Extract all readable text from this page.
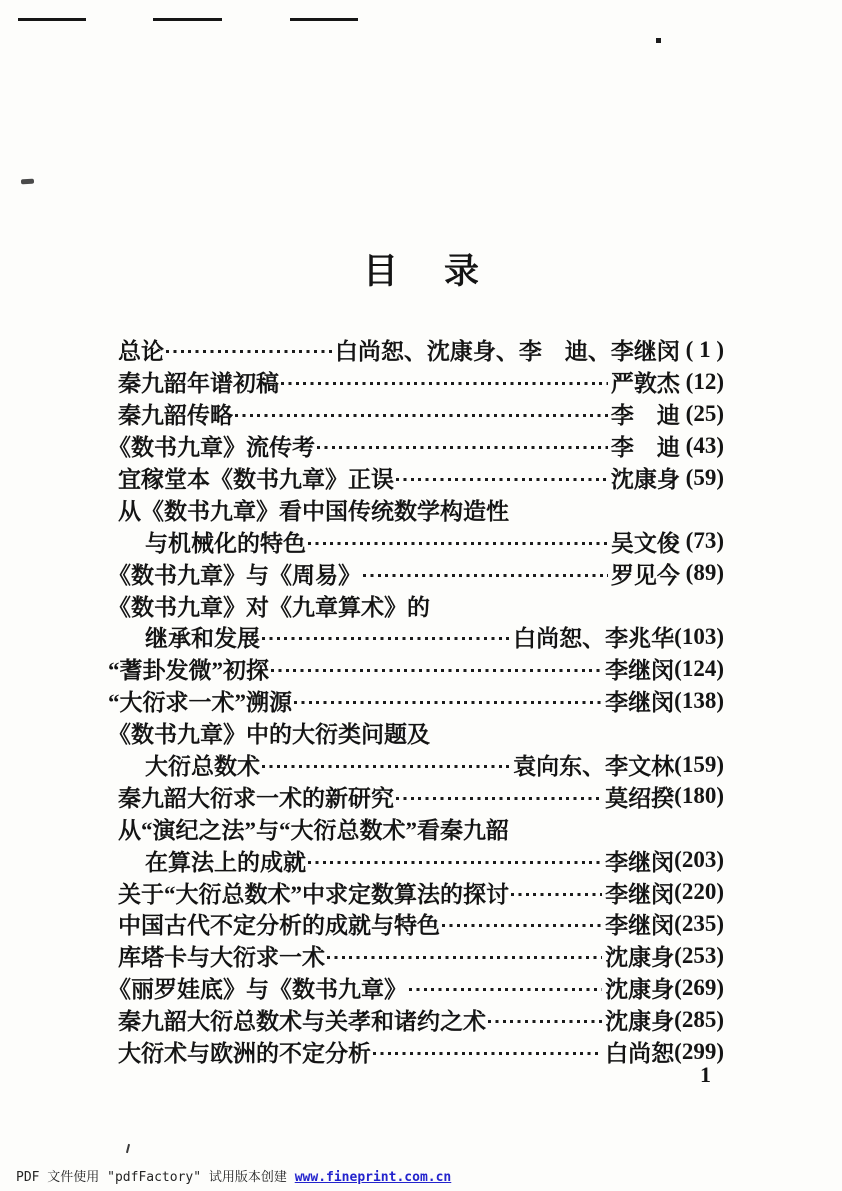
目 录
总论	白尚恕、沈康身、李　迪、李继闵 ( 1 )
秦九韶年谱初稿	严敦杰 (12)
秦九韶传略	李　迪 (25)
《数书九章》流传考	李　迪 (43)
宜稼堂本《数书九章》正误	沈康身 (59)
从《数书九章》看中国传统数学构造性
与机械化的特色	吴文俊 (73)
《数书九章》与《周易》	罗见今 (89)
《数书九章》对《九章算术》的
继承和发展	白尚恕、李兆华 (103)
“蓍卦发微”初探	李继闵 (124)
“大衍求一术”溯源	李继闵 (138)
《数书九章》中的大衍类问题及
大衍总数术	袁向东、李文林 (159)
秦九韶大衍求一术的新研究	莫绍揆 (180)
从“演纪之法”与“大衍总数术”看秦九韶
在算法上的成就	李继闵 (203)
关于“大衍总数术”中求定数算法的探讨	李继闵 (220)
中国古代不定分析的成就与特色	李继闵 (235)
库塔卡与大衍求一术	沈康身 (253)
《丽罗娃底》与《数书九章》	沈康身 (269)
秦九韶大衍总数术与关孝和诸约之术	沈康身 (285)
大衍术与欧洲的不定分析	白尚恕 (299)
1
PDF 文件使用 "pdfFactory" 试用版本创建 www.fineprint.com.cn
